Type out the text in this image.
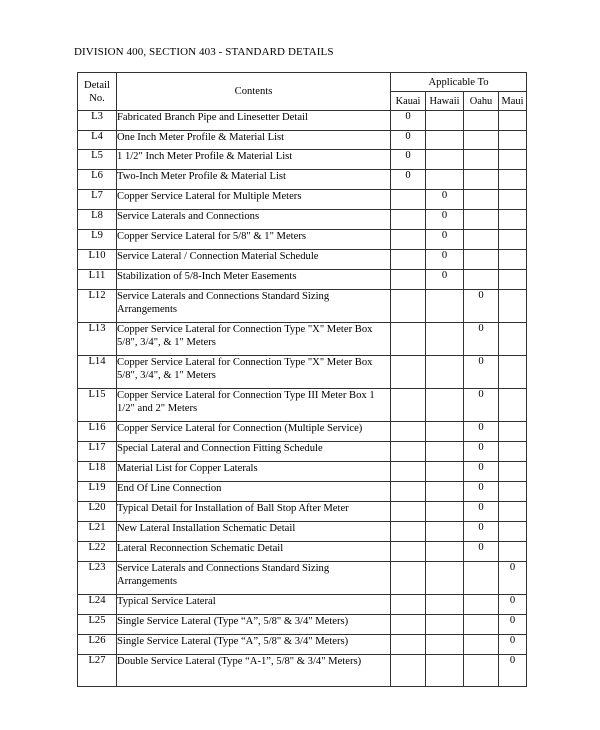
DIVISION 400, SECTION 403 - STANDARD DETAILS
Detail No.	Contents	Applicable To			
		Kauai	Hawaii	Oahu	Maui
L3	Fabricated Branch Pipe and Linesetter Detail	0			
L4	One Inch Meter Profile & Material List	0			
L5	1 1/2" Inch Meter Profile & Material List	0			
L6	Two-Inch Meter Profile & Material List	0			
L7	Copper Service Lateral for Multiple Meters		0		
L8	Service Laterals and Connections		0		
L9	Copper Service Lateral for 5/8" & 1" Meters		0		
L10	Service Lateral / Connection Material Schedule		0		
L11	Stabilization of 5/8-Inch Meter Easements		0		
L12	Service Laterals and Connections Standard Sizing Arrangements			0	
L13	Copper Service Lateral for Connection Type "X" Meter Box 5/8", 3/4", & 1" Meters			0	
L14	Copper Service Lateral for Connection Type "X" Meter Box 5/8", 3/4", & 1" Meters			0	
L15	Copper Service Lateral for Connection Type III Meter Box 1 1/2" and 2" Meters			0	
L16	Copper Service Lateral for Connection (Multiple Service)			0	
L17	Special Lateral and Connection Fitting Schedule			0	
L18	Material List for Copper Laterals			0	
L19	End Of Line Connection			0	
L20	Typical Detail for Installation of Ball Stop After Meter			0	
L21	New Lateral Installation Schematic Detail			0	
L22	Lateral Reconnection Schematic Detail			0	
L23	Service Laterals and Connections Standard Sizing Arrangements				0
L24	Typical Service Lateral				0
L25	Single Service Lateral (Type “A”, 5/8" & 3/4" Meters)				0
L26	Single Service Lateral (Type “A”, 5/8" & 3/4" Meters)				0
L27	Double Service Lateral (Type “A-1”, 5/8" & 3/4" Meters)				0
